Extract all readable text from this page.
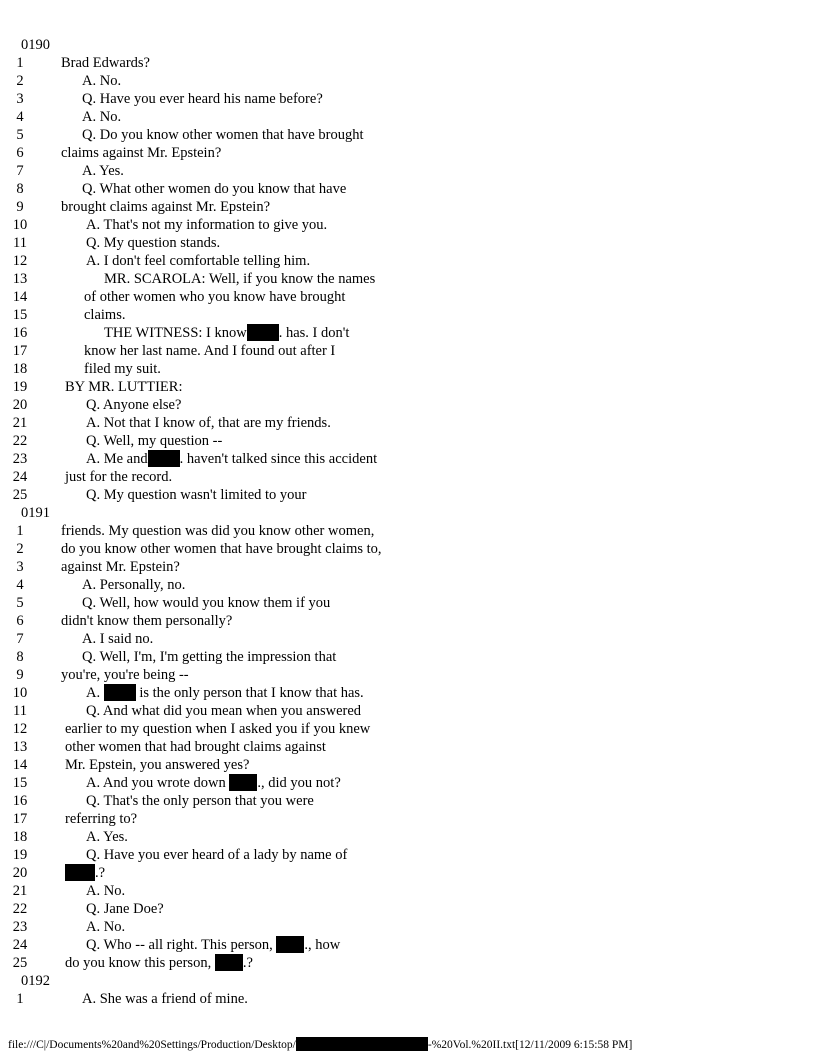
0190
1	Brad Edwards?
2	A. No.
3	Q. Have you ever heard his name before?
4	A. No.
5	Q. Do you know other women that have brought
6	claims against Mr. Epstein?
7	A. Yes.
8	Q. What other women do you know that have
9	brought claims against Mr. Epstein?
10	A. That's not my information to give you.
11	Q. My question stands.
12	A. I don't feel comfortable telling him.
13	MR. SCAROLA: Well, if you know the names
14	of other women who you know have brought
15	claims.
16	THE WITNESS: I know . has. I don't
17	know her last name. And I found out after I
18	filed my suit.
19	BY MR. LUTTIER:
20	Q. Anyone else?
21	A. Not that I know of, that are my friends.
22	Q. Well, my question --
23	A. Me and . haven't talked since this accident
24	just for the record.
25	Q. My question wasn't limited to your
0191
1	friends. My question was did you know other women,
2	do you know other women that have brought claims to,
3	against Mr. Epstein?
4	A. Personally, no.
5	Q. Well, how would you know them if you
6	didn't know them personally?
7	A. I said no.
8	Q. Well, I'm, I'm getting the impression that
9	you're, you're being --
10	A.  is the only person that I know that has.
11	Q. And what did you mean when you answered
12	earlier to my question when I asked you if you knew
13	other women that had brought claims against
14	Mr. Epstein, you answered yes?
15	A. And you wrote down ., did you not?
16	Q. That's the only person that you were
17	referring to?
18	A. Yes.
19	Q. Have you ever heard of a lady by name of
20	.?
21	A. No.
22	Q. Jane Doe?
23	A. No.
24	Q. Who -- all right. This person, ., how
25	do you know this person, .?
0192
1	A. She was a friend of mine.
file:///C|/Documents%20and%20Settings/Production/Desktop/	-%20Vol.%20II.txt[12/11/2009 6:15:58 PM]
